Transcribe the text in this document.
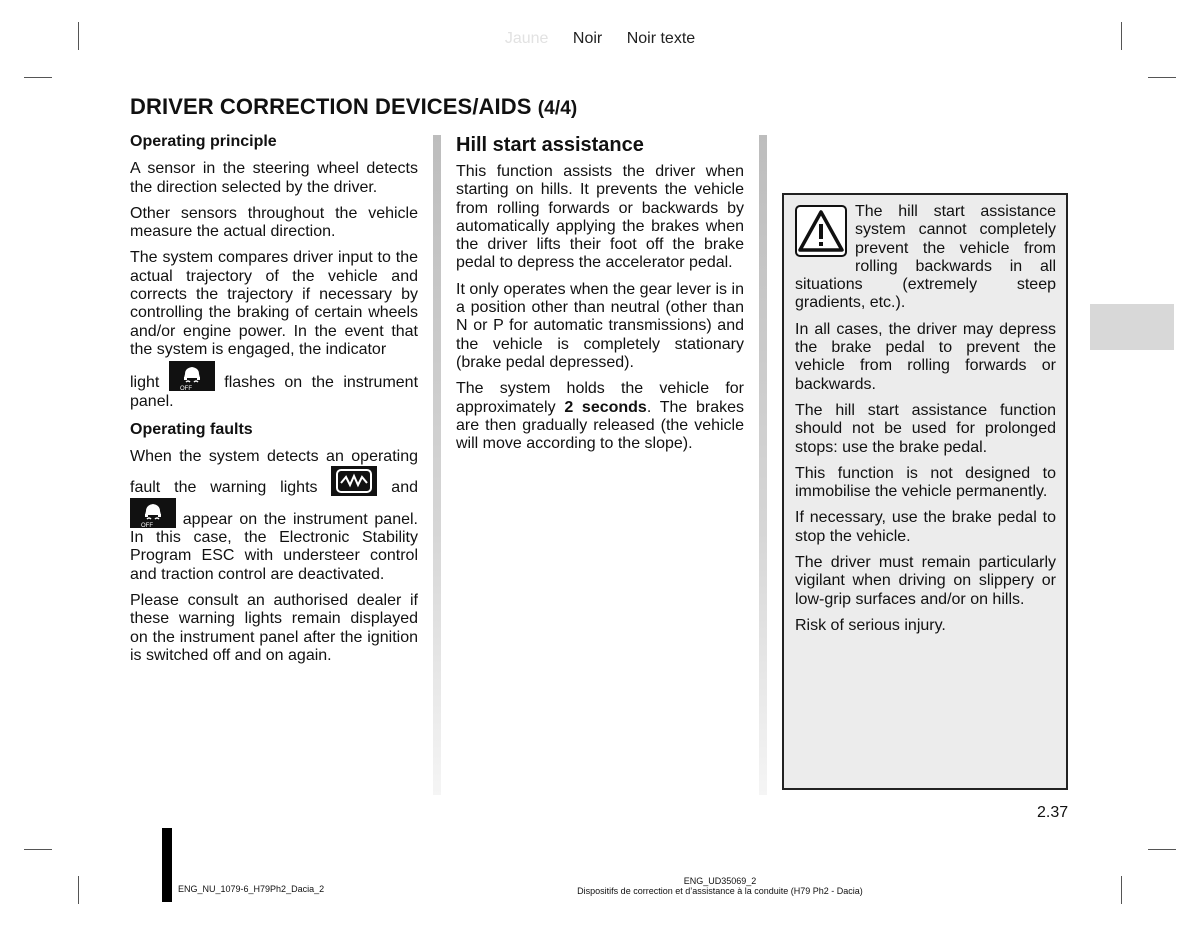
Jaune Noir Noir texte
DRIVER CORRECTION DEVICES/AIDS (4/4)
Operating principle

A sensor in the steering wheel detects the direction selected by the driver.

Other sensors throughout the vehicle measure the actual direction.

The system compares driver input to the actual trajectory of the vehicle and corrects the trajectory if necessary by controlling the braking of certain wheels and/or engine power. In the event that the system is engaged, the indicator

light	OFF flashes on the instrument panel.

Operating faults

When the system detects an operating fault the warning lights	and
OFF appear on the instrument panel. In this case, the Electronic Stability Program ESC with understeer control and traction control are deactivated.

Please consult an authorised dealer if these warning lights remain displayed on the instrument panel after the ignition is switched off and on again.

Hill start assistance

This function assists the driver when starting on hills. It prevents the vehicle from rolling forwards or backwards by automatically applying the brakes when the driver lifts their foot off the brake pedal to depress the accelerator pedal.

It only operates when the gear lever is in a position other than neutral (other than N or P for automatic transmissions) and the vehicle is completely stationary (brake pedal depressed).

The system holds the vehicle for approximately 2 seconds. The brakes are then gradually released (the vehicle will move according to the slope).

The hill start assistance system cannot completely prevent the vehicle from rolling backwards in all situations (extremely steep gradients, etc.).

In all cases, the driver may depress the brake pedal to prevent the vehicle from rolling forwards or backwards.

The hill start assistance function should not be used for prolonged stops: use the brake pedal.

This function is not designed to immobilise the vehicle permanently.

If necessary, use the brake pedal to stop the vehicle.

The driver must remain particularly vigilant when driving on slippery or low-grip surfaces and/or on hills.

Risk of serious injury.

2.37
ENG_NU_1079-6_H79Ph2_Dacia_2
ENG_UD35069_2
Dispositifs de correction et d’assistance à la conduite (H79 Ph2 - Dacia)
